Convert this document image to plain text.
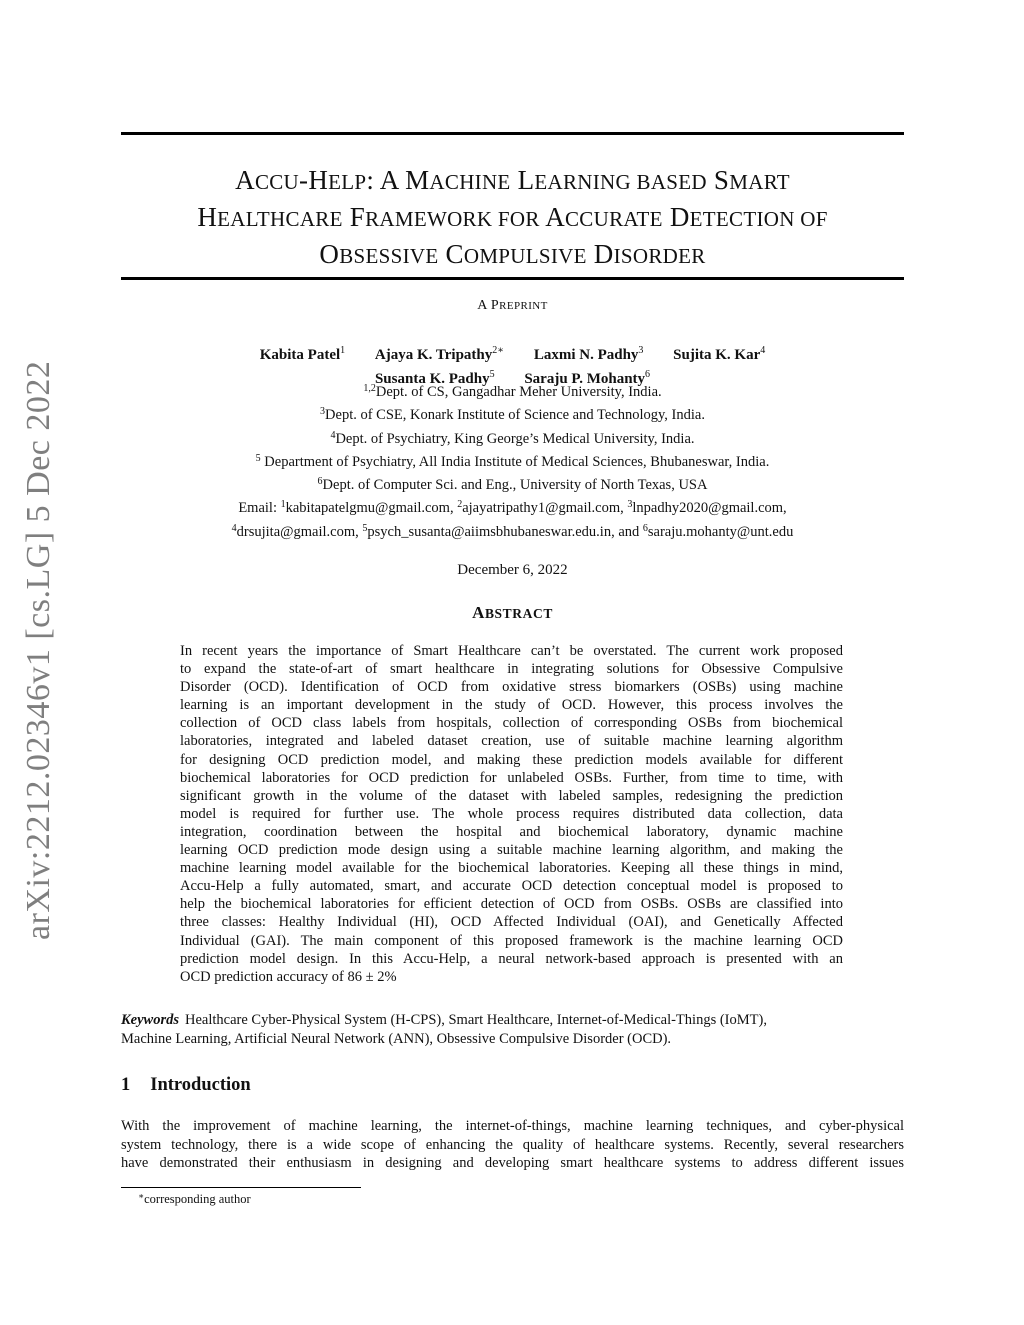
arXiv:2212.02346v1 [cs.LG] 5 Dec 2022
ACCU-HELP: A MACHINE LEARNING BASED SMART
HEALTHCARE FRAMEWORK FOR ACCURATE DETECTION OF
OBSESSIVE COMPULSIVE DISORDER
A PREPRINT
Kabita Patel$^1$ Ajaya K. Tripathy$^{2∗}$ Laxmi N. Padhy$^3$ Sujita K. Kar$^4$
Susanta K. Padhy$^5$ Saraju P. Mohanty$^6$
$^{1,2}$Dept. of CS, Gangadhar Meher University, India.
$^3$Dept. of CSE, Konark Institute of Science and Technology, India.
$^4$Dept. of Psychiatry, King George’s Medical University, India.
$^5$ Department of Psychiatry, All India Institute of Medical Sciences, Bhubaneswar, India.
$^6$Dept. of Computer Sci. and Eng., University of North Texas, USA
Email: $^1$kabitapatelgmu@gmail.com, $^2$ajayatripathy1@gmail.com, $^3$lnpadhy2020@gmail.com,
$^4$drsujita@gmail.com, $^5$psych_susanta@aiimsbhubaneswar.edu.in, and $^6$saraju.mohanty@unt.edu
December 6, 2022
ABSTRACT
In recent years the importance of Smart Healthcare can’t be overstated. The current work proposed
to expand the state-of-art of smart healthcare in integrating solutions for Obsessive Compulsive
Disorder (OCD). Identification of OCD from oxidative stress biomarkers (OSBs) using machine
learning is an important development in the study of OCD. However, this process involves the
collection of OCD class labels from hospitals, collection of corresponding OSBs from biochemical
laboratories, integrated and labeled dataset creation, use of suitable machine learning algorithm
for designing OCD prediction model, and making these prediction models available for different
biochemical laboratories for OCD prediction for unlabeled OSBs. Further, from time to time, with
significant growth in the volume of the dataset with labeled samples, redesigning the prediction
model is required for further use. The whole process requires distributed data collection, data
integration, coordination between the hospital and biochemical laboratory, dynamic machine
learning OCD prediction mode design using a suitable machine learning algorithm, and making the
machine learning model available for the biochemical laboratories. Keeping all these things in mind,
Accu-Help a fully automated, smart, and accurate OCD detection conceptual model is proposed to
help the biochemical laboratories for efficient detection of OCD from OSBs. OSBs are classified into
three classes: Healthy Individual (HI), OCD Affected Individual (OAI), and Genetically Affected
Individual (GAI). The main component of this proposed framework is the machine learning OCD
prediction model design. In this Accu-Help, a neural network-based approach is presented with an
OCD prediction accuracy of 86 ± 2%
Keywords Healthcare Cyber-Physical System (H-CPS), Smart Healthcare, Internet-of-Medical-Things (IoMT),
Machine Learning, Artificial Neural Network (ANN), Obsessive Compulsive Disorder (OCD).
1 Introduction
With the improvement of machine learning, the internet-of-things, machine learning techniques, and cyber-physical
system technology, there is a wide scope of enhancing the quality of healthcare systems. Recently, several researchers
have demonstrated their enthusiasm in designing and developing smart healthcare systems to address different issues
∗corresponding author
